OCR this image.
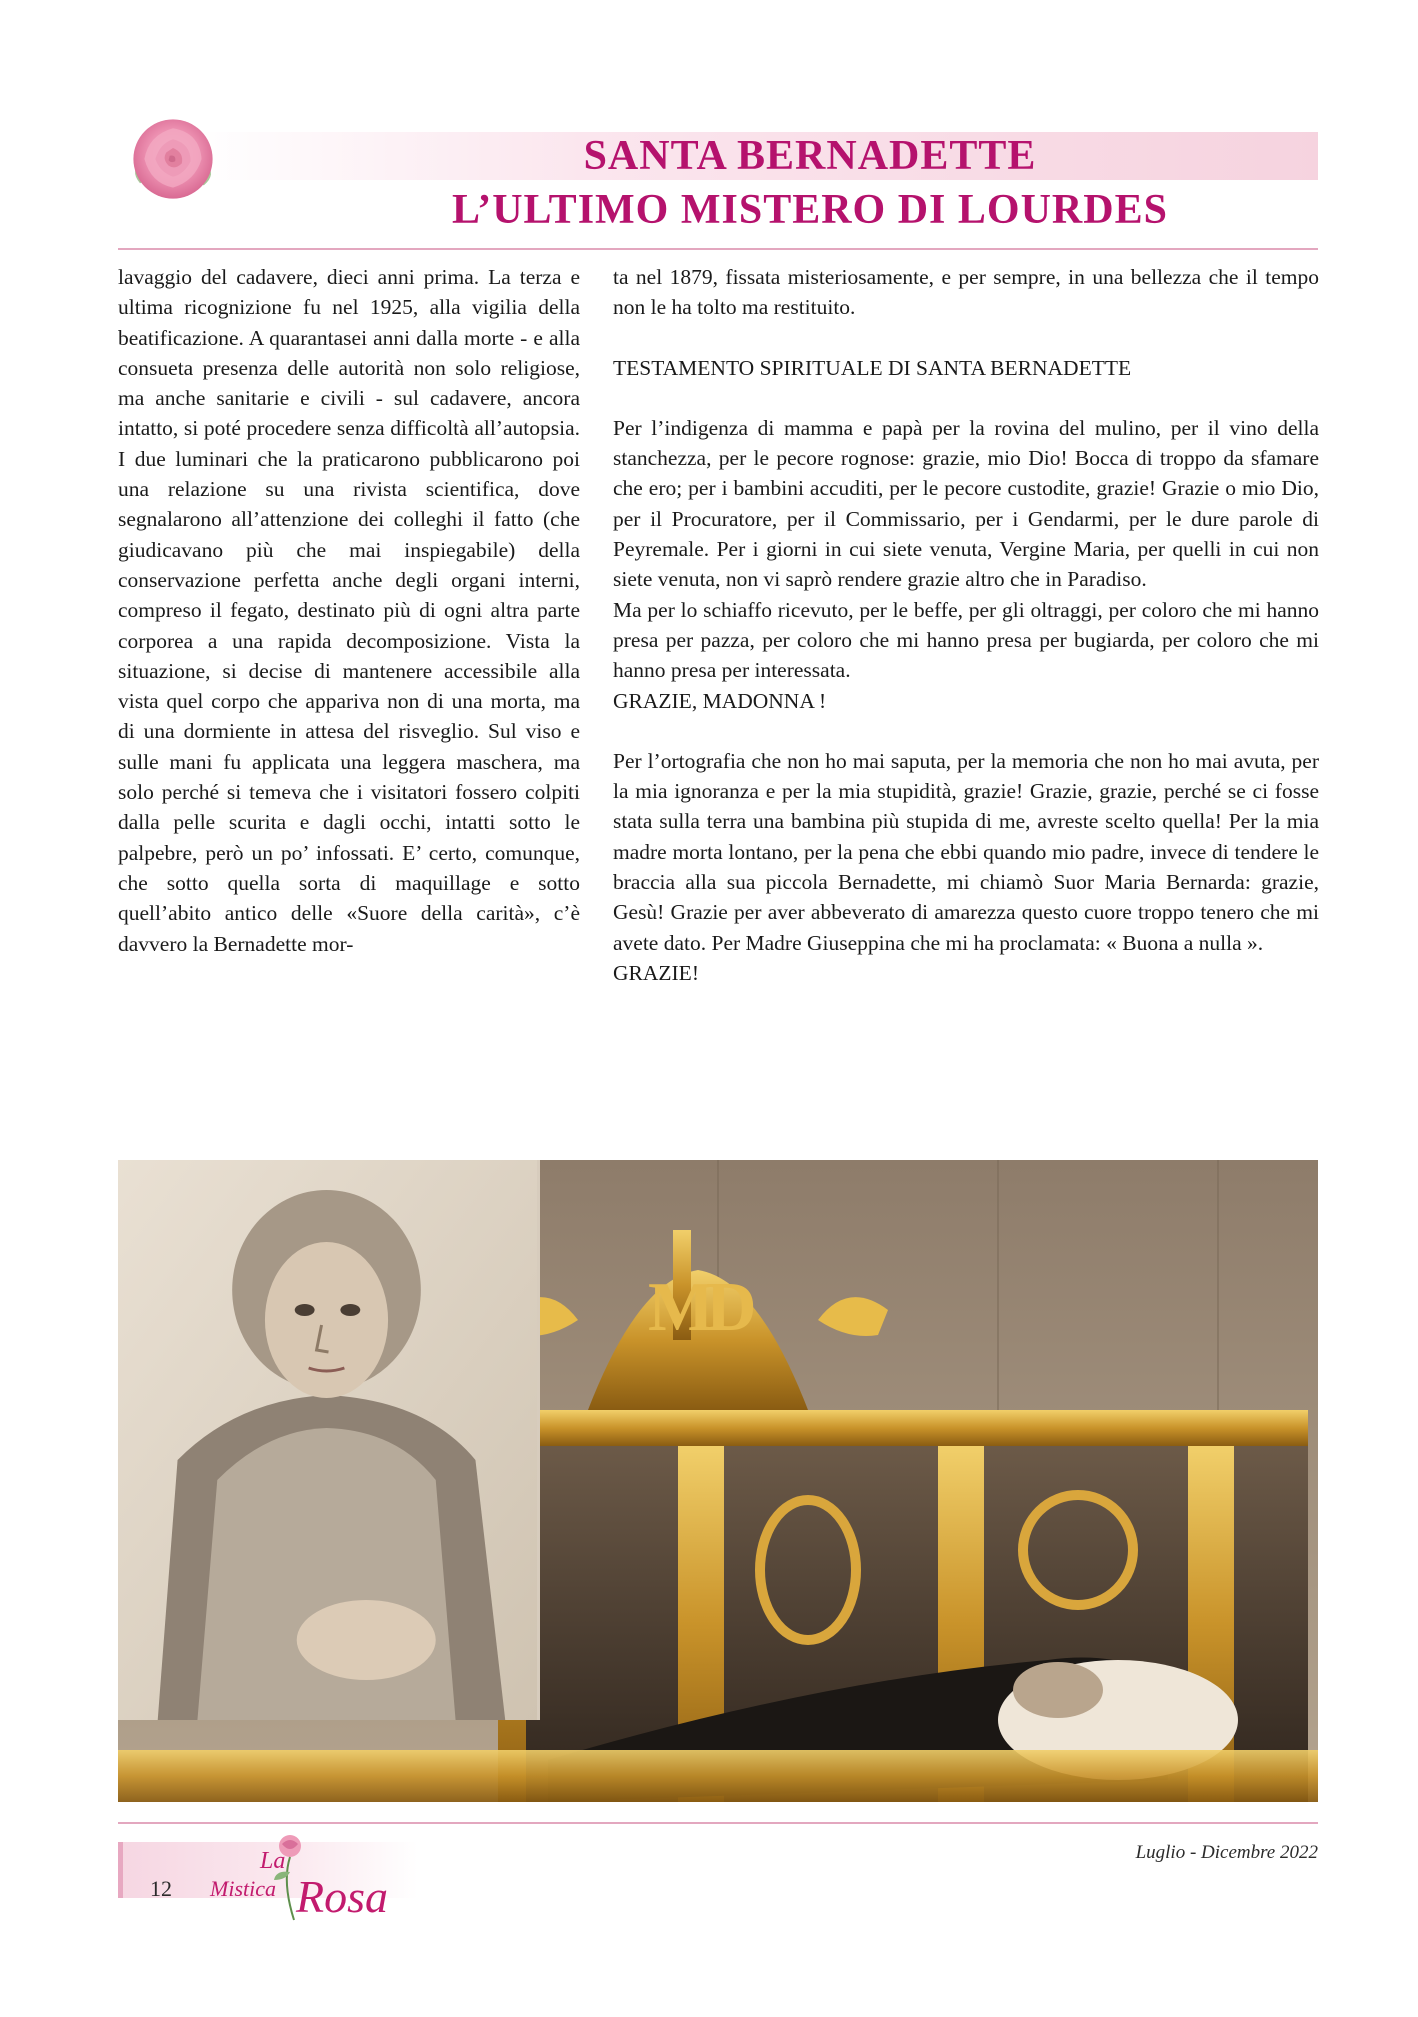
SANTA BERNADETTE
L’ULTIMO MISTERO DI LOURDES

lavaggio del cadavere, dieci anni prima. La terza e ultima ricognizione fu nel 1925, alla vigilia della beatificazione. A quarantasei anni dalla morte - e alla consueta presenza delle autorità non solo religiose, ma anche sanitarie e civili - sul cadavere, ancora intatto, si poté procedere senza difficoltà all’autopsia. I due luminari che la praticarono pubblicarono poi una relazione su una rivista scientifica, dove segnalarono all’attenzione dei colleghi il fatto (che giudicavano più che mai inspiegabile) della conservazione perfetta anche degli organi interni, compreso il fegato, destinato più di ogni altra parte corporea a una rapida decomposizione. Vista la situazione, si decise di mantenere accessibile alla vista quel corpo che appariva non di una morta, ma di una dormiente in attesa del risveglio. Sul viso e sulle mani fu applicata una leggera maschera, ma solo perché si temeva che i visitatori fossero colpiti dalla pelle scurita e dagli occhi, intatti sotto le palpebre, però un po’ infossati. E’ certo, comunque, che sotto quella sorta di maquillage e sotto quell’abito antico delle «Suore della carità», c’è davvero la Bernadette mor-

ta nel 1879, fissata misteriosamente, e per sempre, in una bellezza che il tempo non le ha tolto ma restituito.

TESTAMENTO SPIRITUALE DI SANTA BERNADETTE

Per l’indigenza di mamma e papà per la rovina del mulino, per il vino della stanchezza, per le pecore rognose: grazie, mio Dio! Bocca di troppo da sfamare che ero; per i bambini accuditi, per le pecore custodite, grazie! Grazie o mio Dio, per il Procuratore, per il Commissario, per i Gendarmi, per le dure parole di Peyremale. Per i giorni in cui siete venuta, Vergine Maria, per quelli in cui non siete venuta, non vi saprò rendere grazie altro che in Paradiso.

Ma per lo schiaffo ricevuto, per le beffe, per gli oltraggi, per coloro che mi hanno presa per pazza, per coloro che mi hanno presa per bugiarda, per coloro che mi hanno presa per interessata.

GRAZIE, MADONNA !

Per l’ortografia che non ho mai saputa, per la memoria che non ho mai avuta, per la mia ignoranza e per la mia stupidità, grazie! Grazie, grazie, perché se ci fosse stata sulla terra una bambina più stupida di me, avreste scelto quella! Per la mia madre morta lontano, per la pena che ebbi quando mio padre, invece di tendere le braccia alla sua piccola Bernadette, mi chiamò Suor Maria Bernarda: grazie, Gesù! Grazie per aver abbeverato di amarezza questo cuore troppo tenero che mi avete dato. Per Madre Giuseppina che mi ha proclamata: « Buona a nulla ».

GRAZIE!

M
D
12
La
Mistica Rosa
Luglio - Dicembre 2022
